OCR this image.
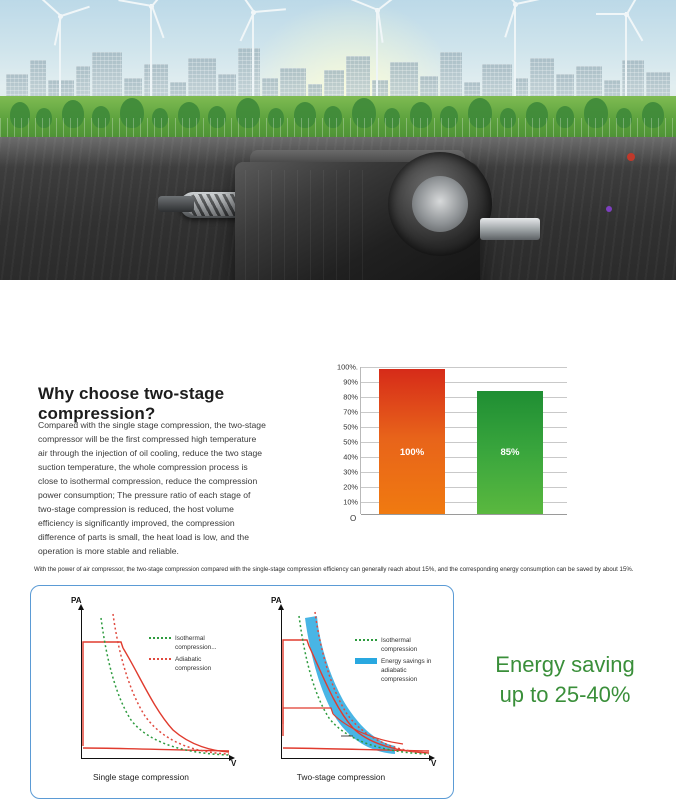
Why choose two-stage compression?
Compared with the single stage compression, the two-stage compressor will be the first compressed high temperature air through the injection of oil cooling, reduce the two stage suction temperature, the whole compression process is close to isothermal compression, reduce the compression power consumption; The pressure ratio of each stage of two-stage compression is reduced, the host volume efficiency is significantly improved, the compression difference of parts is small, the heat load is low, and the operation is more stable and reliable.
100%.
90%
80%
70%
50%
50%
40%
30%
20%
10%
100%	85%
O
With the power of air compressor, the two-stage compression compared with the single-stage compression efficiency can generally reach about 15%, and the corresponding energy consumption can be saved by about 15%.
PA
V
Isothermal compression...
Adiabatic compression
Single stage compression
PA
V
Isothermal compression
Energy savings in adiabatic compression
Two-stage compression
Energy saving
up to 25-40%
